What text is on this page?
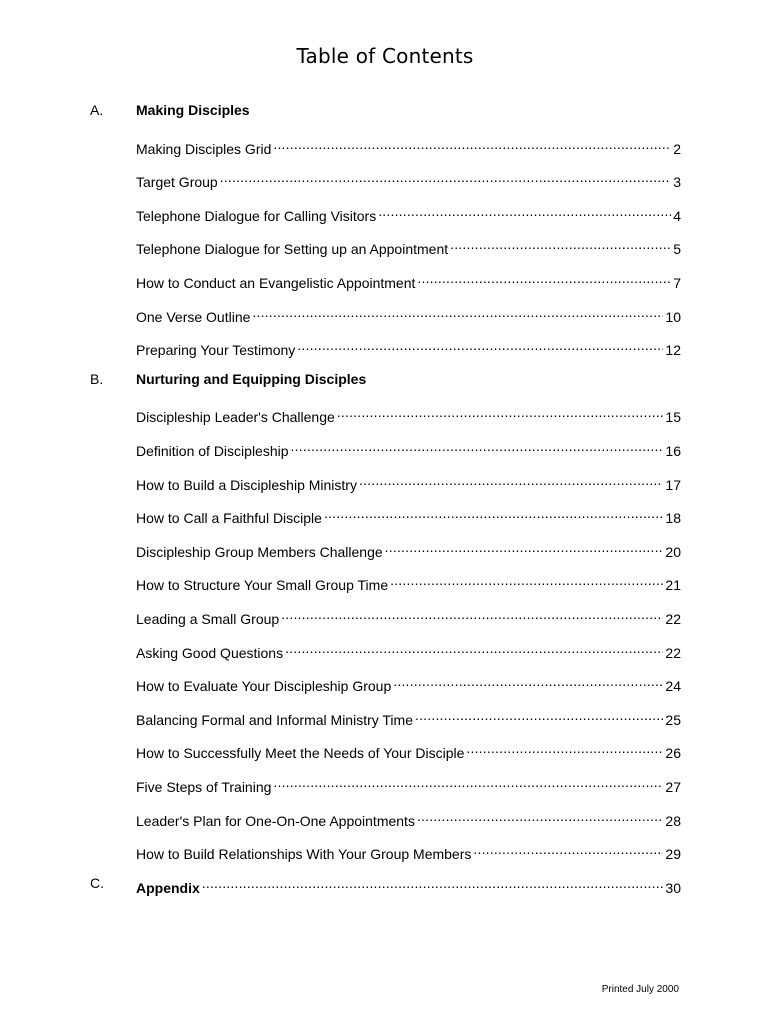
Table of Contents
A. Making Disciples
Making Disciples Grid .....	2
Target Group .....	3
Telephone Dialogue for Calling Visitors .....	4
Telephone Dialogue for Setting up an Appointment .....	5
How to Conduct an Evangelistic Appointment .....	7
One Verse Outline .....	10
Preparing Your Testimony .....	12
B. Nurturing and Equipping Disciples
Discipleship Leader's Challenge .....	15
Definition of Discipleship .....	16
How to Build a Discipleship Ministry .....	17
How to Call a Faithful Disciple .....	18
Discipleship Group Members Challenge .....	20
How to Structure Your Small Group Time .....	21
Leading a Small Group .....	22
Asking Good Questions .....	22
How to Evaluate Your Discipleship Group .....	24
Balancing Formal and Informal Ministry Time .....	25
How to Successfully Meet the Needs of Your Disciple .....	26
Five Steps of Training .....	27
Leader's Plan for One-On-One Appointments .....	28
How to Build Relationships With Your Group Members .....	29
C. Appendix .....	30
Printed July 2000
